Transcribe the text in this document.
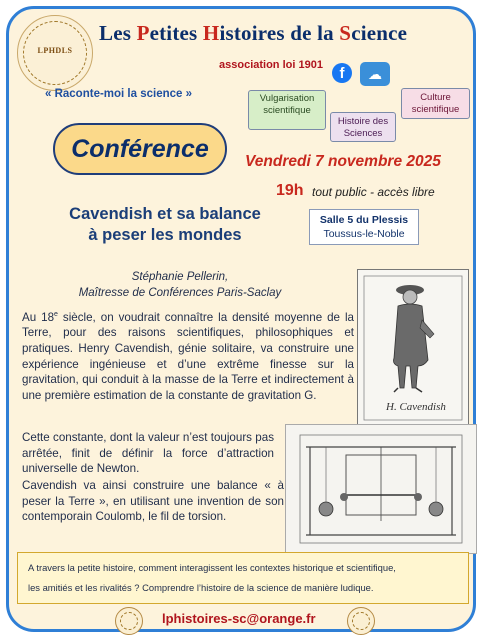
LPHDLS
Les Petites Histoires de la Science
association loi 1901	f	☁
« Raconte-moi la science »	Vulgarisation
scientifique
Histoire des
Sciences
Culture
scientifique
Conférence	Vendredi 7 novembre 2025
19h tout public - accès libre
Cavendish et sa balance
à peser les mondes
Salle 5 du Plessis
Toussus-le-Noble
Stéphanie Pellerin,
Maîtresse de Conférences Paris-Saclay
H. Cavendish
Au 18e siècle, on voudrait connaître la densité moyenne de la Terre, pour des raisons scientifiques, philosophiques et pratiques. Henry Cavendish, génie solitaire, va construire une expérience ingénieuse et d’une extrême finesse sur la gravitation, qui conduit à la masse de la Terre et indirectement à une première estimation de la constante de gravitation G.
Cette constante, dont la valeur n’est toujours pas arrêtée, finit de définir la force d’attraction universelle de Newton.
Cavendish va ainsi construire une balance « à peser la Terre », en utilisant une invention de son contemporain Coulomb, le fil de torsion.
A travers la petite histoire, comment interagissent les contextes historique et scientifique,
les amitiés et les rivalités ? Comprendre l’histoire de la science de manière ludique.
lphistoires-sc@orange.fr
